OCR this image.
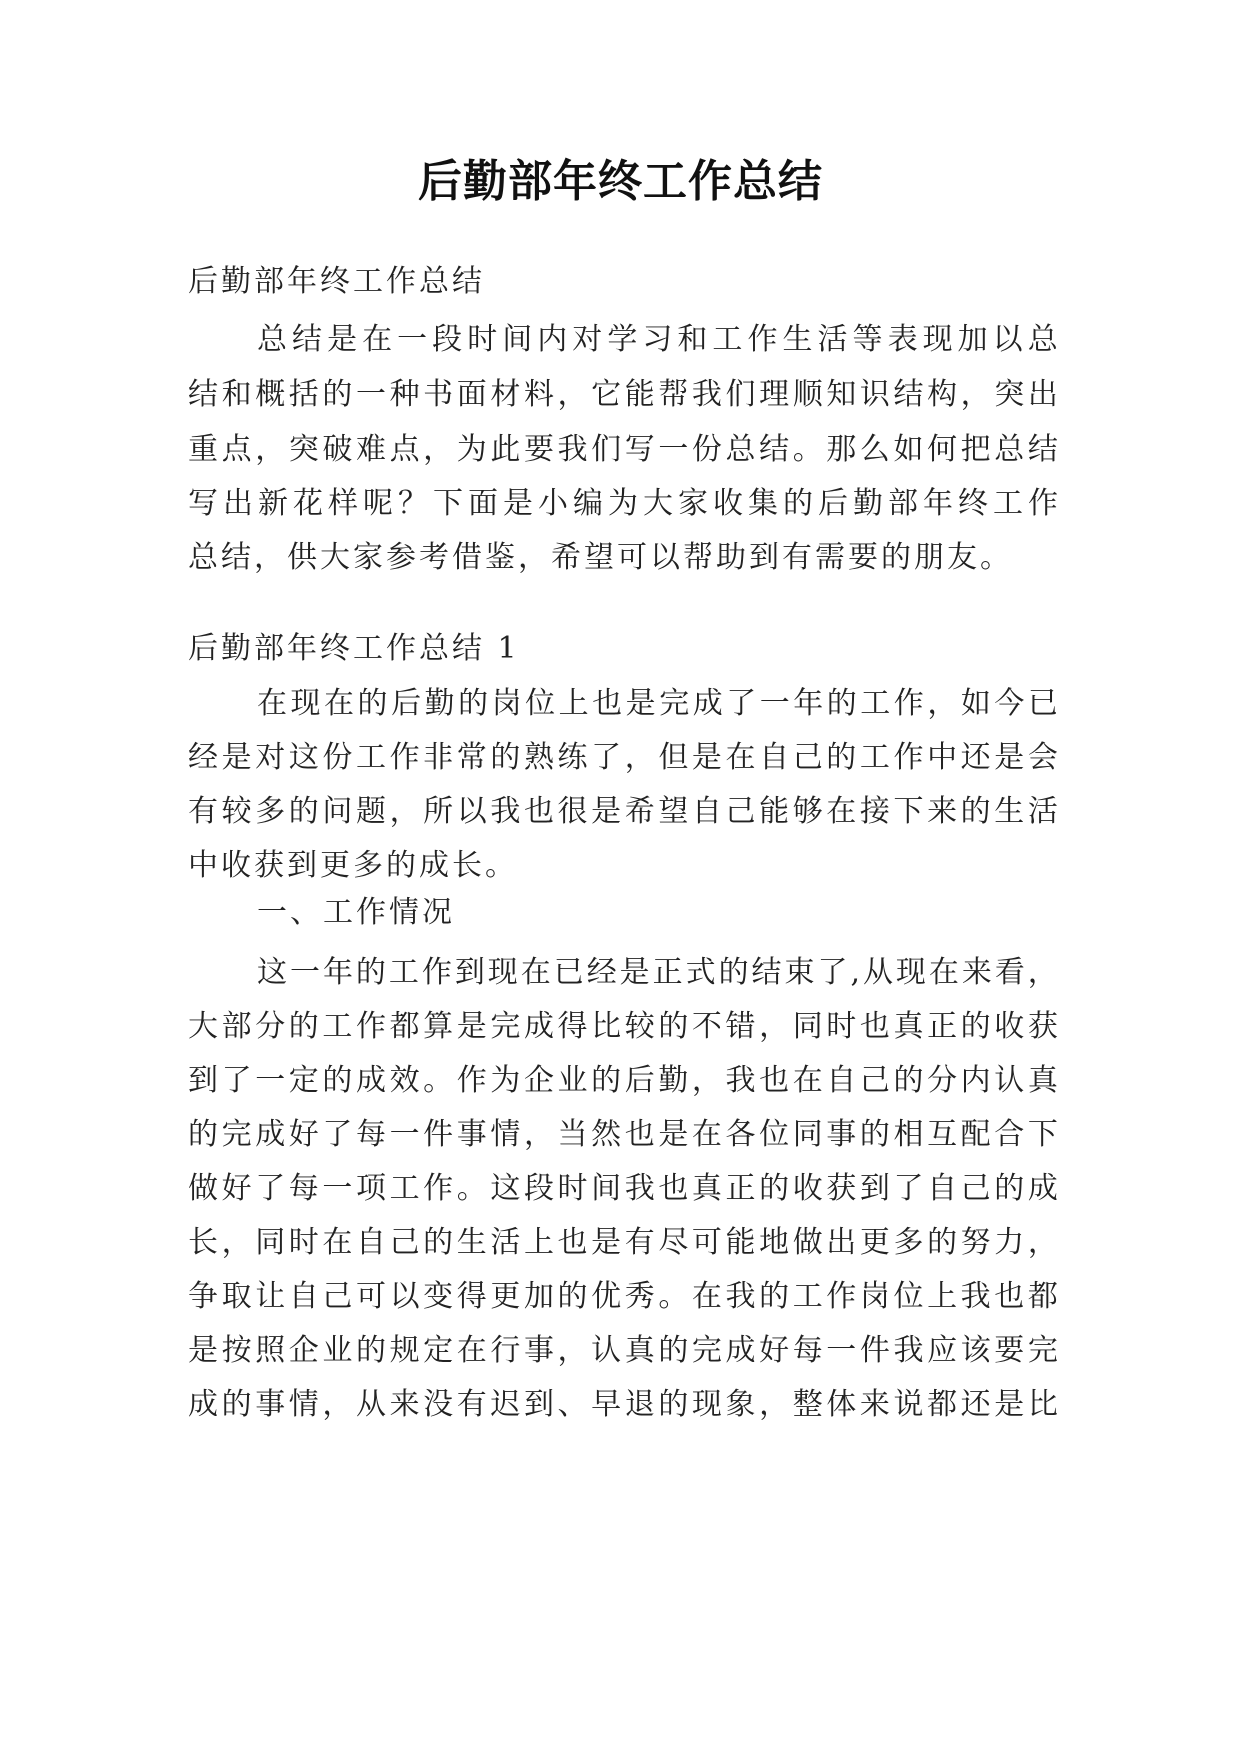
后勤部年终工作总结
后勤部年终工作总结
总 结 是 在 一 段 时 间 内 对 学 习 和 工 作 生 活 等 表 现 加 以 总
结 和 概 括 的 一 种 书 面 材 料 ， 它 能 帮 我 们 理 顺 知 识 结 构 ， 突 出
重 点 ， 突 破 难 点 ， 为 此 要 我 们 写 一 份 总 结 。 那 么 如 何 把 总 结
写 出 新 花 样 呢 ？ 下 面 是 小 编 为 大 家 收 集 的 后 勤 部 年 终 工 作
总结，供大家参考借鉴，希望可以帮助到有需要的朋友。
后勤部年终工作总结 1
在 现 在 的 后 勤 的 岗 位 上 也 是 完 成 了 一 年 的 工 作 ， 如 今 已
经 是 对 这 份 工 作 非 常 的 熟 练 了 ， 但 是 在 自 己 的 工 作 中 还 是 会
有 较 多 的 问 题 ， 所 以 我 也 很 是 希 望 自 己 能 够 在 接 下 来 的 生 活
中收获到更多的成长。
一、工作情况
这 一 年 的 工 作 到 现 在 已 经 是 正 式 的 结 束 了 , 从 现 在 来 看 ，
大 部 分 的 工 作 都 算 是 完 成 得 比 较 的 不 错 ， 同 时 也 真 正 的 收 获
到 了 一 定 的 成 效 。 作 为 企 业 的 后 勤 ， 我 也 在 自 己 的 分 内 认 真
的 完 成 好 了 每 一 件 事 情 ， 当 然 也 是 在 各 位 同 事 的 相 互 配 合 下
做 好 了 每 一 项 工 作 。 这 段 时 间 我 也 真 正 的 收 获 到 了 自 己 的 成
长 ， 同 时 在 自 己 的 生 活 上 也 是 有 尽 可 能 地 做 出 更 多 的 努 力 ，
争 取 让 自 己 可 以 变 得 更 加 的 优 秀 。 在 我 的 工 作 岗 位 上 我 也 都
是 按 照 企 业 的 规 定 在 行 事 ， 认 真 的 完 成 好 每 一 件 我 应 该 要 完
成 的 事 情 ， 从 来 没 有 迟 到 、 早 退 的 现 象 ， 整 体 来 说 都 还 是 比
